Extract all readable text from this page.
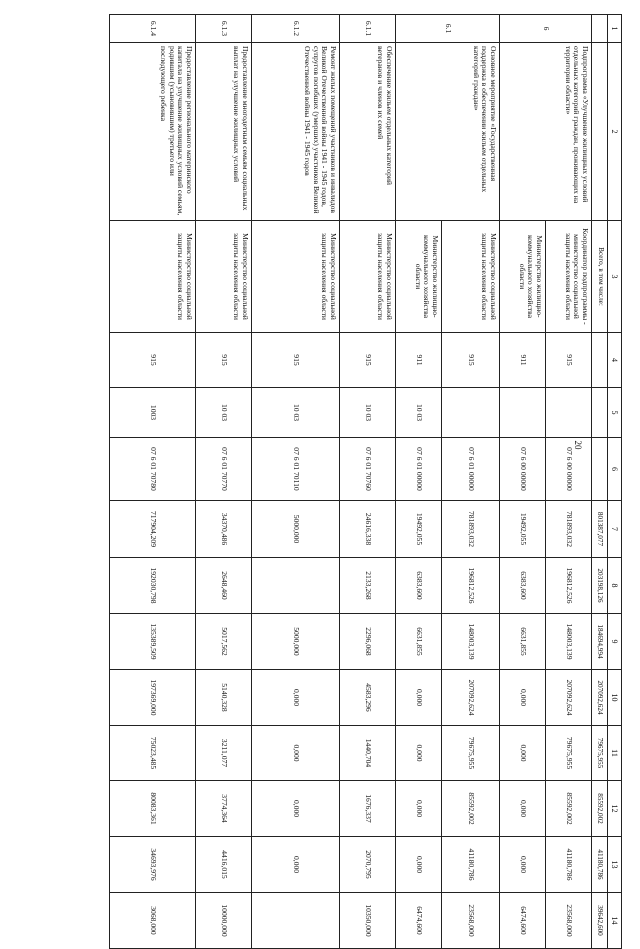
20
1	2	3	4	5	6	7	8	9	10	11	12	13	14
		Всего, в том числе:				801387,077	203198,126	184694,994	207092,624	79675,955	85592,002	41180,786	39642,600
6	Подпрограмма «Улучшение жилищных условий отдельных категорий граждан, проживающих на территории области»	Координатор подпрограммы - министерство социальной защиты населения области	915		07 6 00 00000	781893,032	196812,526	148003,139	207092,624	79675,955	85592,002	41180,786	23568,000
		Министерство жилищно-коммунального хозяйства области	911		07 6 00 00000	19492,055	6383,600	6631,855	0,000	0,000	0,000	0,000	6474,600
6.1	Основное мероприятие «Государственная поддержка в обеспечении жильем отдельных категорий граждан»	Министерство социальной защиты населения области	915		07 6 01 00000	781893,032	196812,526	148003,139	207092,624	79675,955	85592,002	41180,786	23568,000
		Министерство жилищно-коммунального хозяйства области	911	10 03	07 6 01 00000	19492,055	6383,600	6631,855	0,000	0,000	0,000	0,000	6474,600
6.1.1	Обеспечение жильем отдельных категорий ветеранов и членов их семей	Министерство социальной защиты населения области	915	10 03	07 6 01 70760	24616,338	2133,268	2296,068	4583,296	1440,704	1676,337	2070,795	10350,000
6.1.2	Ремонт жилых помещений участников и инвалидов Великой Отечественной войны 1941 - 1945 годов, супругов погибших (умерших) участников Великой Отечественной войны 1941 - 1945 годов	Министерство социальной защиты населения области	915	10 03	07 6 01 70110	5000,000		5000,000	0,000	0,000	0,000	0,000	
6.1.3	Предоставление многодетным семьям социальных выплат на улучшение жилищных условий	Министерство социальной защиты населения области	915	10 03	07 6 01 70770	34370,486	2648,460	5017,562	5140,328	3211,077	3774,364	4416,015	10000,000
6.1.4	Предоставление регионального материнского капитала на улучшение жилищных условий семьям, родившим (усыновившим) третьего или последующего ребенка	Министерство социальной защиты населения области	915	1003	07 6 01 70780	717904,209	192030,798	135389,509	197369,000	75023,485	80083,361	34693,976	3068,000
